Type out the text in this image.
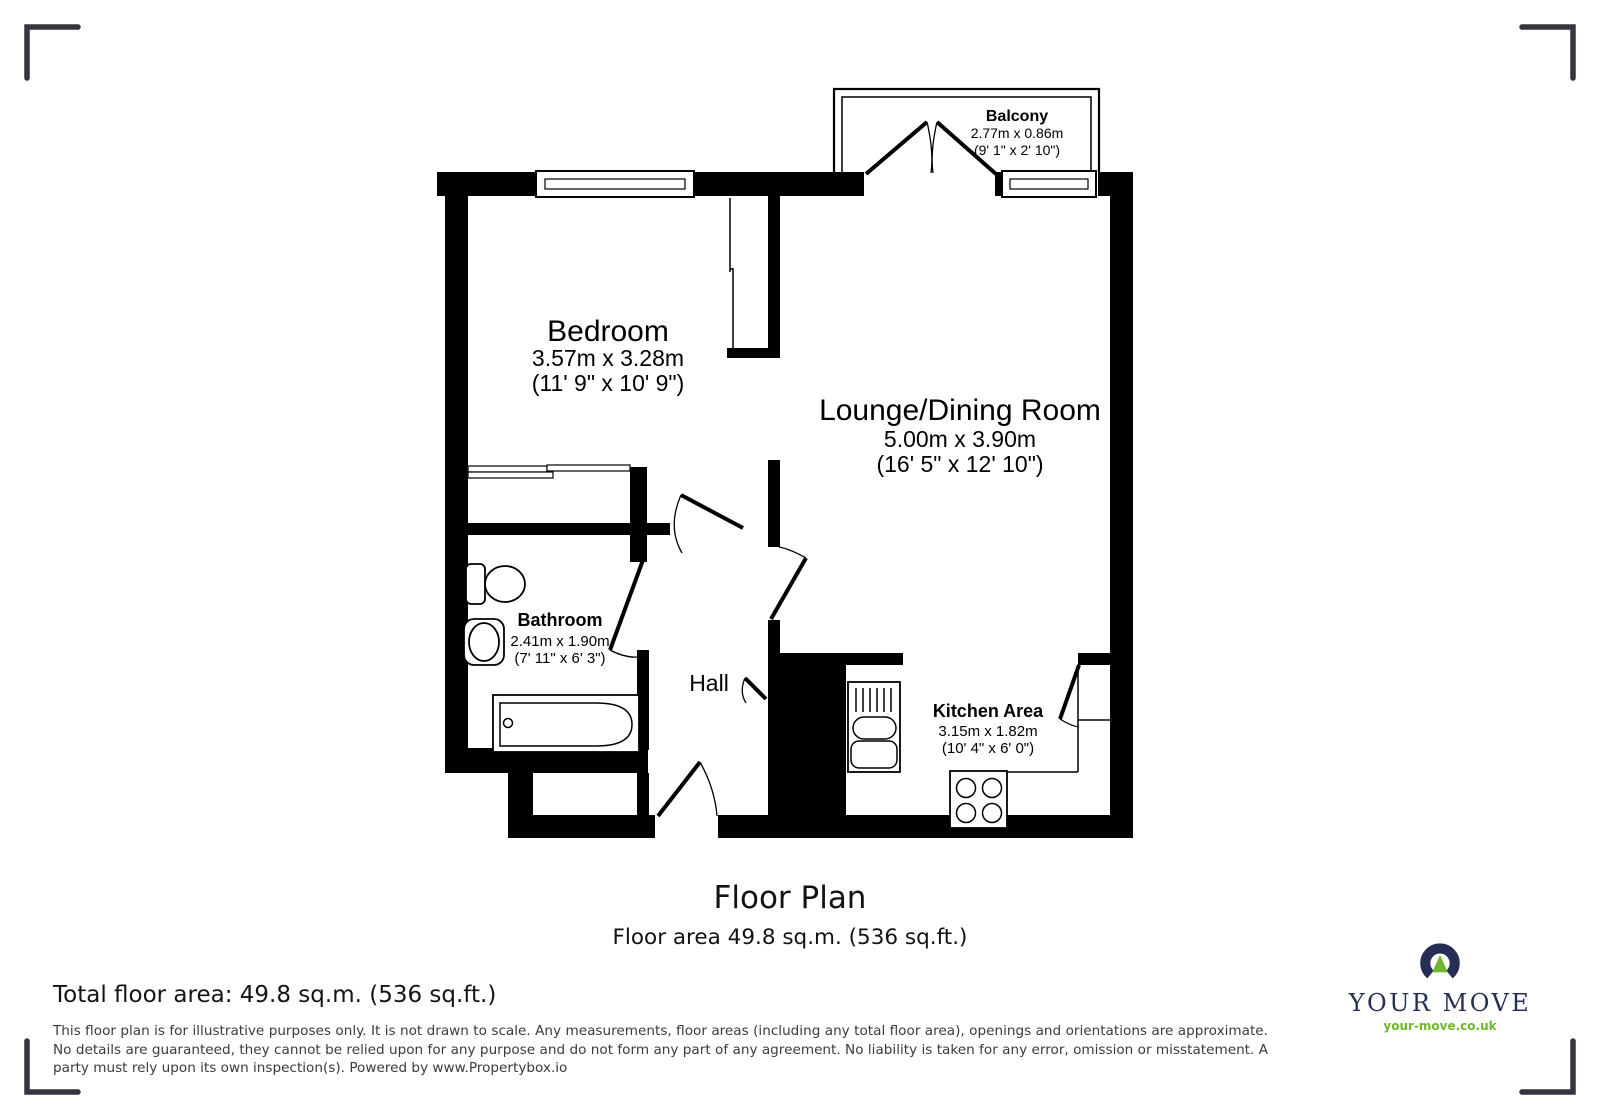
Balcony
2.77m x 0.86m
(9' 1" x 2' 10")
Bedroom
3.57m x 3.28m
(11' 9" x 10' 9")
Lounge/Dining Room
5.00m x 3.90m
(16' 5" x 12' 10")
Bathroom
2.41m x 1.90m
(7' 11" x 6' 3")
Hall
Kitchen Area
3.15m x 1.82m
(10' 4" x 6' 0")
Floor Plan
Floor area 49.8 sq.m. (536 sq.ft.)
Total floor area: 49.8 sq.m. (536 sq.ft.)
This floor plan is for illustrative purposes only. It is not drawn to scale. Any measurements, floor areas (including any total floor area), openings and orientations are approximate. No details are guaranteed, they cannot be relied upon for any purpose and do not form any part of any agreement. No liability is taken for any error, omission or misstatement. A party must rely upon its own inspection(s). Powered by www.Propertybox.io
YOUR MOVE
your-move.co.uk
